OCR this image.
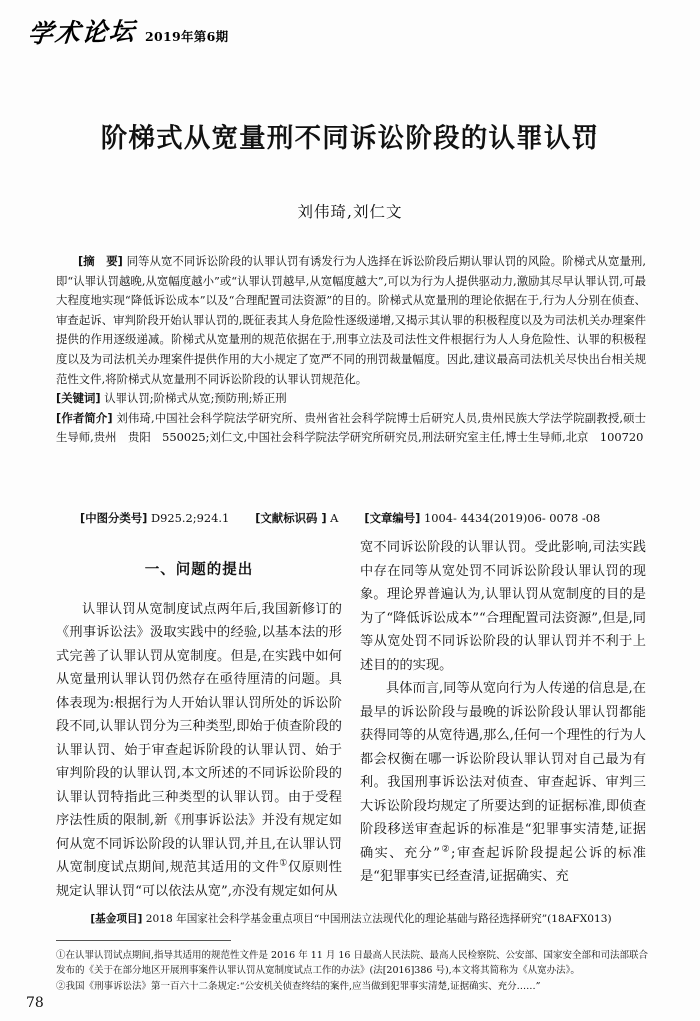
学术论坛 2019年第6期
阶梯式从宽量刑不同诉讼阶段的认罪认罚
刘伟琦,刘仁文

[摘　要] 同等从宽不同诉讼阶段的认罪认罚有诱发行为人选择在诉讼阶段后期认罪认罚的风险。阶梯式从宽量刑,即“认罪认罚越晚,从宽幅度越小”或“认罪认罚越早,从宽幅度越大”,可以为行为人提供驱动力,激励其尽早认罪认罚,可最大程度地实现“降低诉讼成本”以及“合理配置司法资源”的目的。阶梯式从宽量刑的理论依据在于,行为人分别在侦查、审查起诉、审判阶段开始认罪认罚的,既征表其人身危险性逐级递增,又揭示其认罪的积极程度以及为司法机关办理案件提供的作用逐级递减。阶梯式从宽量刑的规范依据在于,刑事立法及司法性文件根据行为人人身危险性、认罪的积极程度以及为司法机关办理案件提供作用的大小规定了宽严不同的刑罚裁量幅度。因此,建议最高司法机关尽快出台相关规范性文件,将阶梯式从宽量刑不同诉讼阶段的认罪认罚规范化。

[关键词] 认罪认罚;阶梯式从宽;预防刑;矫正刑

[作者简介] 刘伟琦,中国社会科学院法学研究所、贵州省社会科学院博士后研究人员,贵州民族大学法学院副教授,硕士生导师,贵州　贵阳　550025;刘仁文,中国社会科学院法学研究所研究员,刑法研究室主任,博士生导师,北京　100720

[中图分类号] D925.2;924.1 [文献标识码 ] A [文章编号] 1004- 4434(2019)06- 0078 -08
一、问题的提出

认罪认罚从宽制度试点两年后,我国新修订的《刑事诉讼法》汲取实践中的经验,以基本法的形式完善了认罪认罚从宽制度。但是,在实践中如何从宽量刑认罪认罚仍然存在亟待厘清的问题。具体表现为:根据行为人开始认罪认罚所处的诉讼阶段不同,认罪认罚分为三种类型,即始于侦查阶段的认罪认罚、始于审查起诉阶段的认罪认罚、始于审判阶段的认罪认罚,本文所述的不同诉讼阶段的认罪认罚特指此三种类型的认罪认罚。由于受程序法性质的限制,新《刑事诉讼法》并没有规定如何从宽不同诉讼阶段的认罪认罚,并且,在认罪认罚从宽制度试点期间,规范其适用的文件①仅原则性规定认罪认罚“可以依法从宽”,亦没有规定如何从

宽不同诉讼阶段的认罪认罚。受此影响,司法实践中存在同等从宽处罚不同诉讼阶段认罪认罚的现象。理论界普遍认为,认罪认罚从宽制度的目的是为了“降低诉讼成本”“合理配置司法资源”,但是,同等从宽处罚不同诉讼阶段的认罪认罚并不利于上述目的的实现。

具体而言,同等从宽向行为人传递的信息是,在最早的诉讼阶段与最晚的诉讼阶段认罪认罚都能获得同等的从宽待遇,那么,任何一个理性的行为人都会权衡在哪一诉讼阶段认罪认罚对自己最为有利。我国刑事诉讼法对侦查、审查起诉、审判三大诉讼阶段均规定了所要达到的证据标准,即侦查阶段移送审查起诉的标准是“犯罪事实清楚,证据确实、充分”②;审查起诉阶段提起公诉的标准是“犯罪事实已经查清,证据确实、充

[基金项目] 2018 年国家社会科学基金重点项目“中国刑法立法现代化的理论基础与路径选择研究”(18AFX013)

①在认罪认罚试点期间,指导其适用的规范性文件是 2016 年 11 月 16 日最高人民法院、最高人民检察院、公安部、国家安全部和司法部联合发布的《关于在部分地区开展刑事案件认罪认罚从宽制度试点工作的办法》(法[2016]386 号),本文将其简称为《从宽办法》。

②我国《刑事诉讼法》第一百六十二条规定:“公安机关侦查终结的案件,应当做到犯罪事实清楚,证据确实、充分……”

78
